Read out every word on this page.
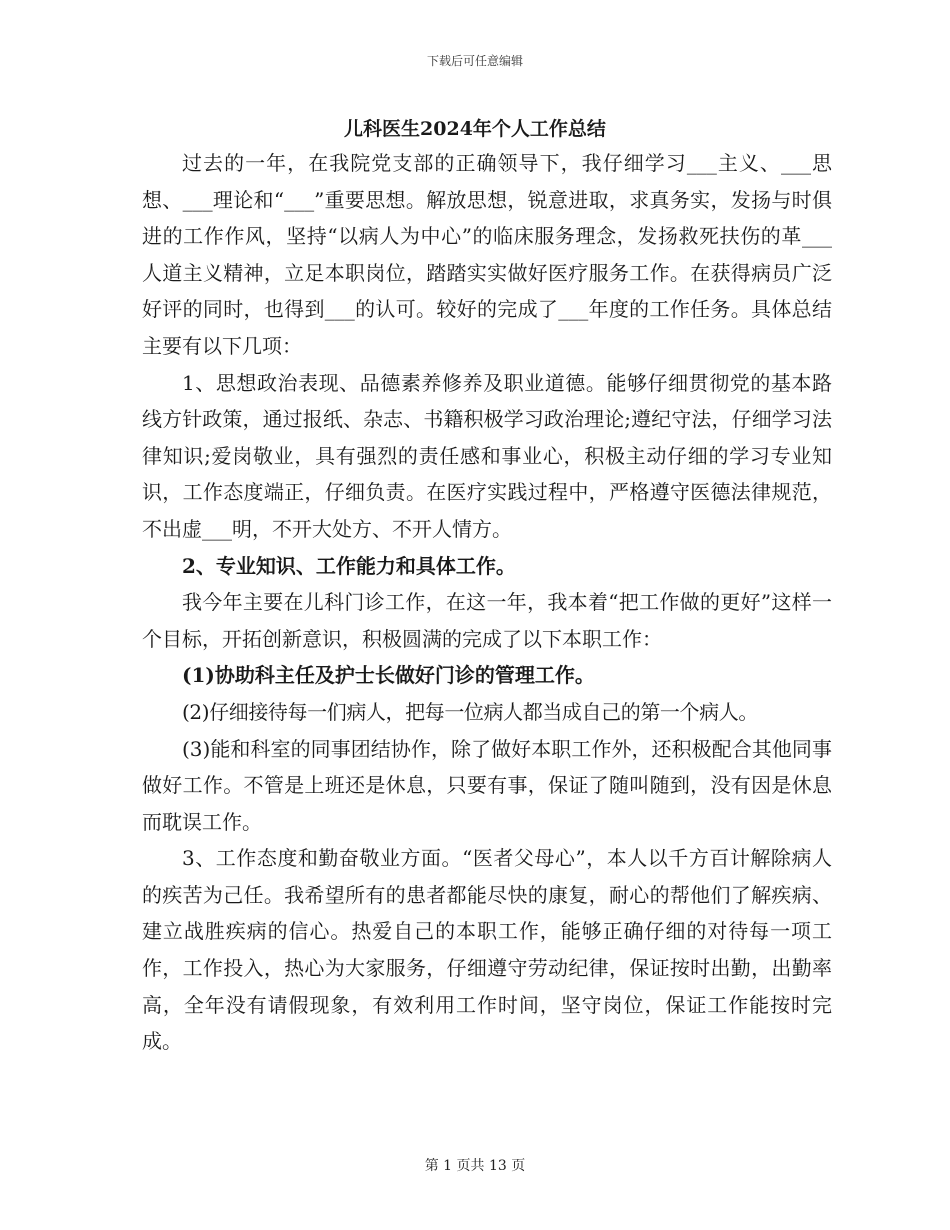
下载后可任意编辑
儿科医生2024年个人工作总结

过去的一年，在我院党支部的正确领导下，我仔细学习___主义、___思想、___理论和“___”重要思想。解放思想，锐意进取，求真务实，发扬与时俱进的工作作风，坚持“以病人为中心”的临床服务理念，发扬救死扶伤的革___人道主义精神，立足本职岗位，踏踏实实做好医疗服务工作。在获得病员广泛好评的同时，也得到___的认可。较好的完成了___年度的工作任务。具体总结主要有以下几项：

1、思想政治表现、品德素养修养及职业道德。能够仔细贯彻党的基本路线方针政策，通过报纸、杂志、书籍积极学习政治理论;遵纪守法，仔细学习法律知识;爱岗敬业，具有强烈的责任感和事业心，积极主动仔细的学习专业知识，工作态度端正，仔细负责。在医疗实践过程中，严格遵守医德法律规范，不出虚___明，不开大处方、不开人情方。

2、专业知识、工作能力和具体工作。

我今年主要在儿科门诊工作，在这一年，我本着“把工作做的更好”这样一个目标，开拓创新意识，积极圆满的完成了以下本职工作：

(1)协助科主任及护士长做好门诊的管理工作。

(2)仔细接待每一们病人，把每一位病人都当成自己的第一个病人。

(3)能和科室的同事团结协作，除了做好本职工作外，还积极配合其他同事做好工作。不管是上班还是休息，只要有事，保证了随叫随到，没有因是休息而耽误工作。

3、工作态度和勤奋敬业方面。“医者父母心”，本人以千方百计解除病人的疾苦为己任。我希望所有的患者都能尽快的康复，耐心的帮他们了解疾病、建立战胜疾病的信心。热爱自己的本职工作，能够正确仔细的对待每一项工作，工作投入，热心为大家服务，仔细遵守劳动纪律，保证按时出勤，出勤率高，全年没有请假现象，有效利用工作时间，坚守岗位，保证工作能按时完成。

第 1 页共 13 页
